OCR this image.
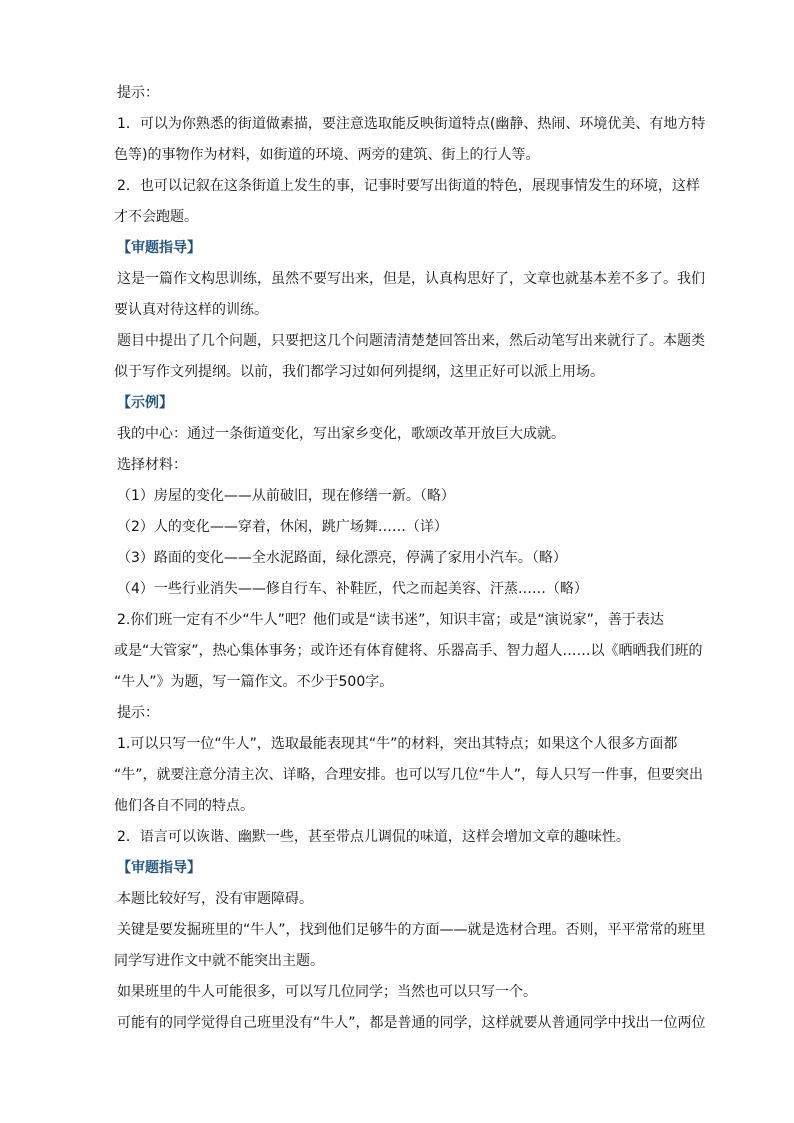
提示：

1．可以为你熟悉的街道做素描，要注意选取能反映街道特点(幽静、热闹、环境优美、有地方特

色等)的事物作为材料，如街道的环境、两旁的建筑、街上的行人等。

2．也可以记叙在这条街道上发生的事，记事时要写出街道的特色，展现事情发生的环境，这样

才不会跑题。

【审题指导】

这是一篇作文构思训练，虽然不要写出来，但是，认真构思好了，文章也就基本差不多了。我们

要认真对待这样的训练。

题目中提出了几个问题，只要把这几个问题清清楚楚回答出来，然后动笔写出来就行了。本题类

似于写作文列提纲。以前，我们都学习过如何列提纲，这里正好可以派上用场。

【示例】

我的中心：通过一条街道变化，写出家乡变化，歌颂改革开放巨大成就。

选择材料：

（1）房屋的变化——从前破旧，现在修缮一新。（略）

（2）人的变化——穿着，休闲，跳广场舞……（详）

（3）路面的变化——全水泥路面，绿化漂亮，停满了家用小汽车。（略）

（4）一些行业消失——修自行车、补鞋匠，代之而起美容、汗蒸……（略）

2.你们班一定有不少“牛人”吧？他们或是“读书迷”，知识丰富；或是“演说家”，善于表达

或是“大管家”，热心集体事务；或许还有体育健将、乐器高手、智力超人……以《晒晒我们班的

“牛人”》为题，写一篇作文。不少于500字。

提示：

1.可以只写一位“牛人”，选取最能表现其“牛”的材料，突出其特点；如果这个人很多方面都

“牛”，就要注意分清主次、详略，合理安排。也可以写几位“牛人”，每人只写一件事，但要突出

他们各自不同的特点。

2．语言可以诙谐、幽默一些，甚至带点儿调侃的味道，这样会增加文章的趣味性。

【审题指导】

本题比较好写，没有审题障碍。

关键是要发掘班里的“牛人”，找到他们足够牛的方面——就是选材合理。否则，平平常常的班里

同学写进作文中就不能突出主题。

如果班里的牛人可能很多，可以写几位同学；当然也可以只写一个。

可能有的同学觉得自己班里没有“牛人”，都是普通的同学，这样就要从普通同学中找出一位两位
